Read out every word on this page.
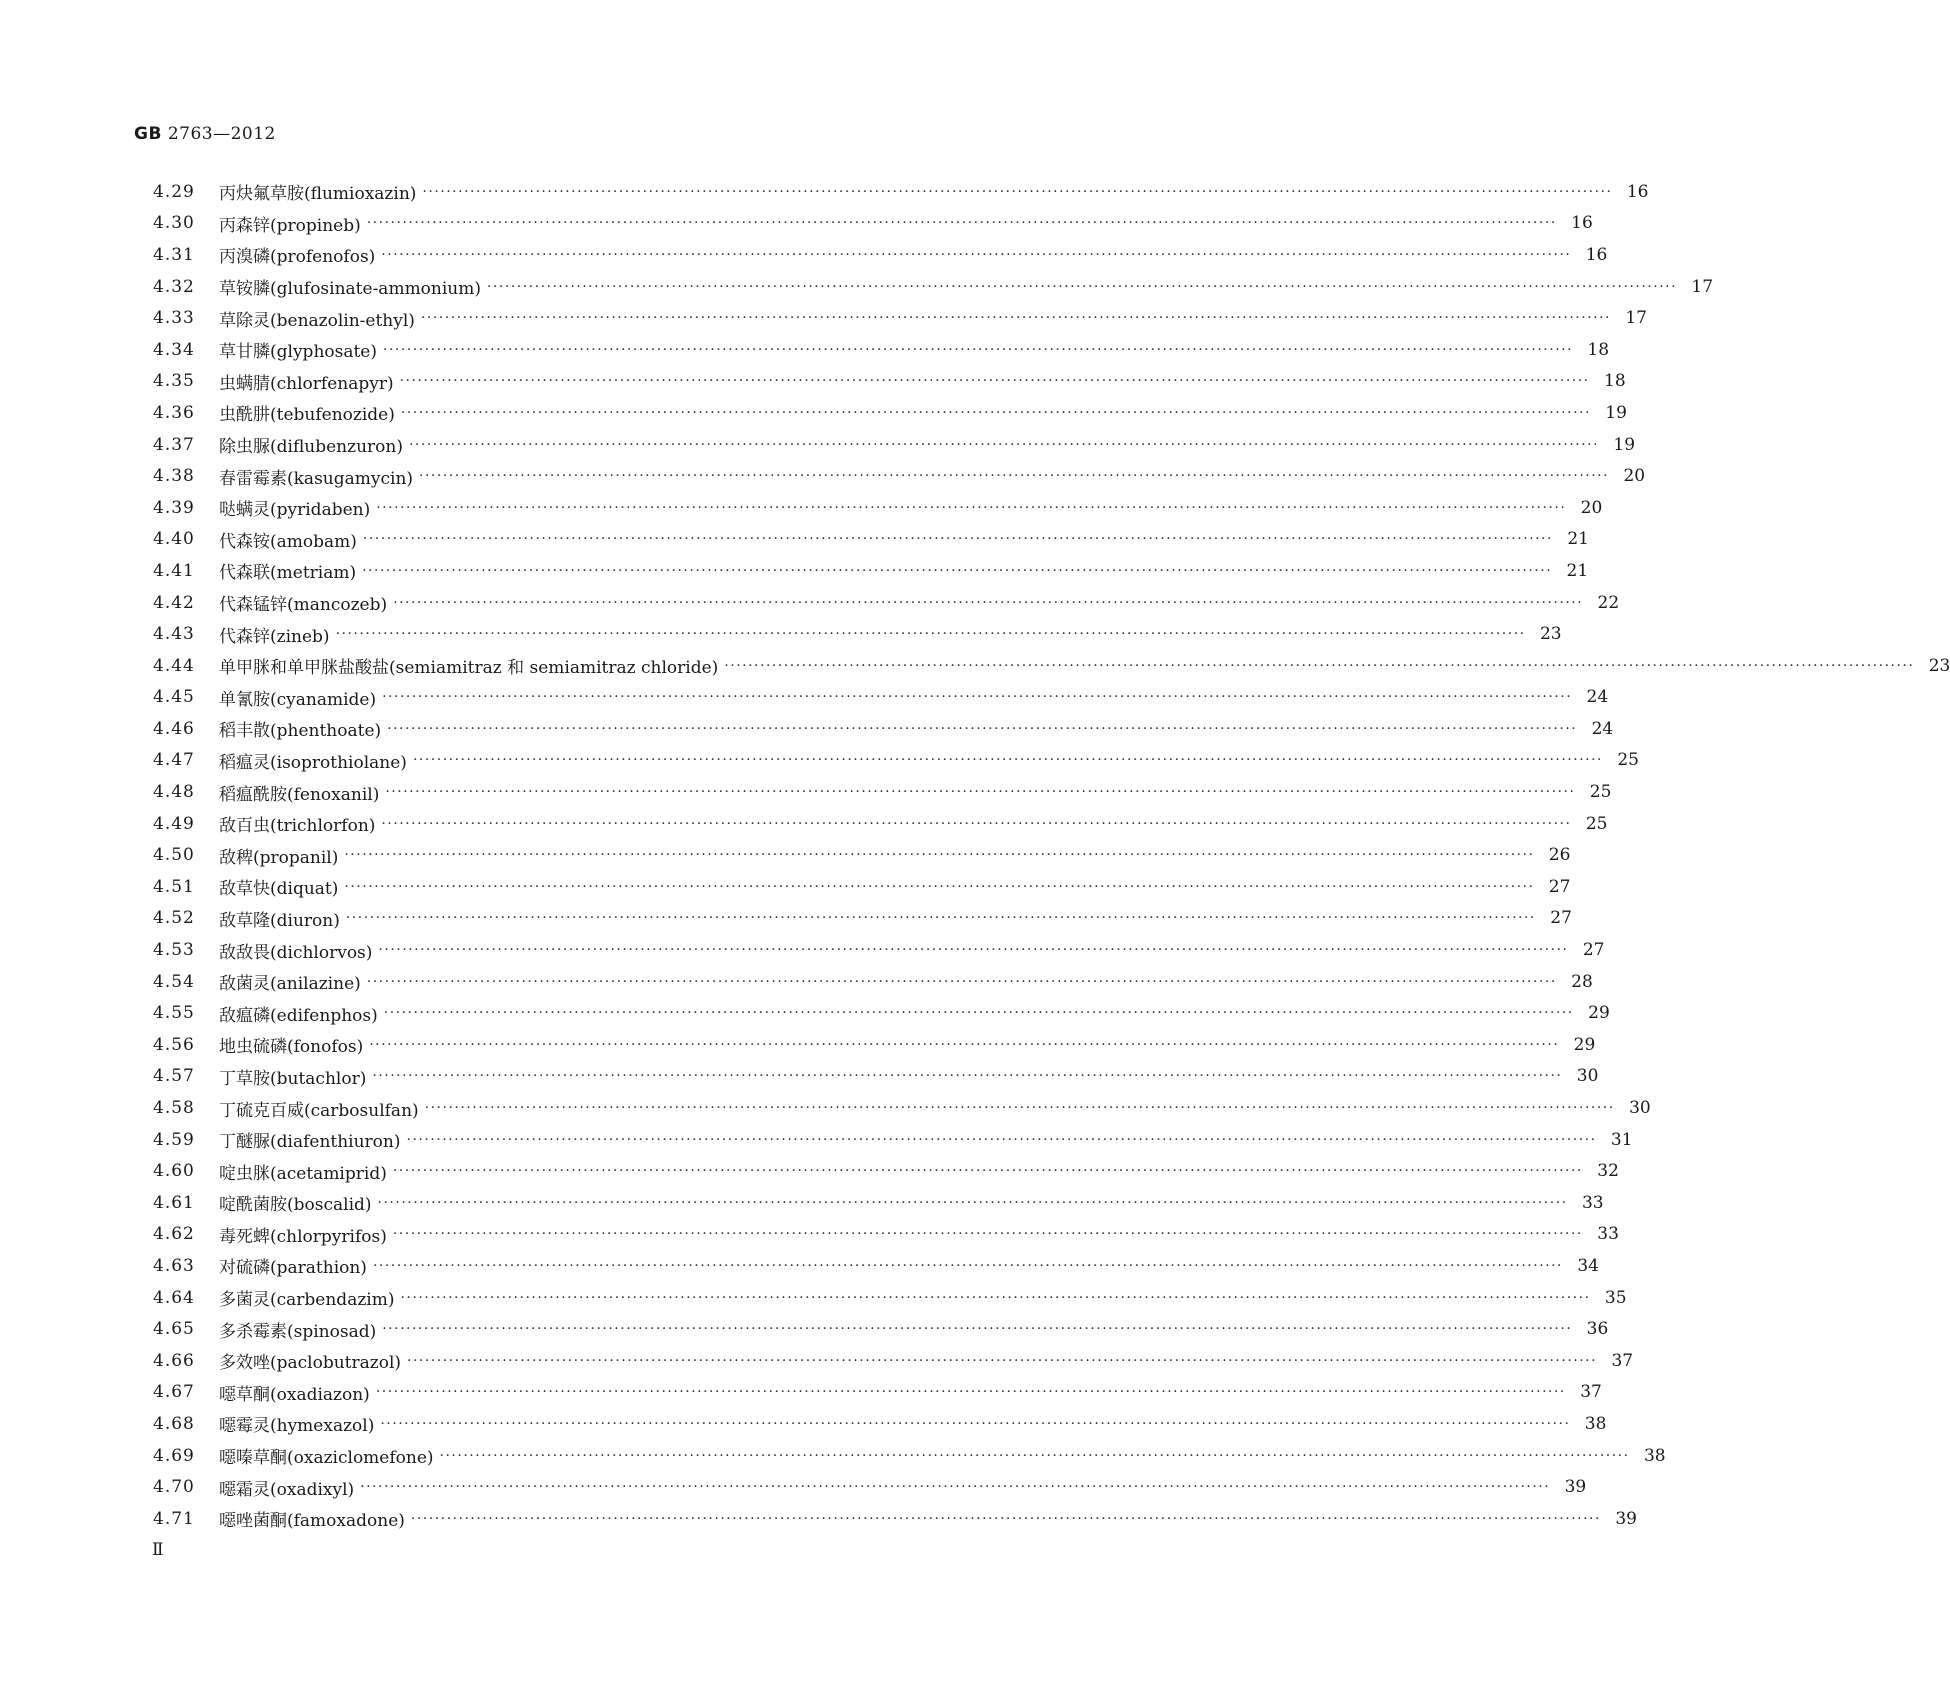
GB 2763—2012
4.29	丙炔氟草胺(flumioxazin) ········································································································································································································ 16
4.30	丙森锌(propineb) ········································································································································································································ 16
4.31	丙溴磷(profenofos) ········································································································································································································ 16
4.32	草铵膦(glufosinate-ammonium) ········································································································································································································ 17
4.33	草除灵(benazolin-ethyl) ········································································································································································································ 17
4.34	草甘膦(glyphosate) ········································································································································································································ 18
4.35	虫螨腈(chlorfenapyr) ········································································································································································································ 18
4.36	虫酰肼(tebufenozide) ········································································································································································································ 19
4.37	除虫脲(diflubenzuron) ········································································································································································································ 19
4.38	春雷霉素(kasugamycin) ········································································································································································································ 20
4.39	哒螨灵(pyridaben) ········································································································································································································ 20
4.40	代森铵(amobam) ········································································································································································································ 21
4.41	代森联(metriam) ········································································································································································································ 21
4.42	代森锰锌(mancozeb) ········································································································································································································ 22
4.43	代森锌(zineb) ········································································································································································································ 23
4.44	单甲脒和单甲脒盐酸盐(semiamitraz 和 semiamitraz chloride) ········································································································································································································ 23
4.45	单氰胺(cyanamide) ········································································································································································································ 24
4.46	稻丰散(phenthoate) ········································································································································································································ 24
4.47	稻瘟灵(isoprothiolane) ········································································································································································································ 25
4.48	稻瘟酰胺(fenoxanil) ········································································································································································································ 25
4.49	敌百虫(trichlorfon) ········································································································································································································ 25
4.50	敌稗(propanil) ········································································································································································································ 26
4.51	敌草快(diquat) ········································································································································································································ 27
4.52	敌草隆(diuron) ········································································································································································································ 27
4.53	敌敌畏(dichlorvos) ········································································································································································································ 27
4.54	敌菌灵(anilazine) ········································································································································································································ 28
4.55	敌瘟磷(edifenphos) ········································································································································································································ 29
4.56	地虫硫磷(fonofos) ········································································································································································································ 29
4.57	丁草胺(butachlor) ········································································································································································································ 30
4.58	丁硫克百威(carbosulfan) ········································································································································································································ 30
4.59	丁醚脲(diafenthiuron) ········································································································································································································ 31
4.60	啶虫脒(acetamiprid) ········································································································································································································ 32
4.61	啶酰菌胺(boscalid) ········································································································································································································ 33
4.62	毒死蜱(chlorpyrifos) ········································································································································································································ 33
4.63	对硫磷(parathion) ········································································································································································································ 34
4.64	多菌灵(carbendazim) ········································································································································································································ 35
4.65	多杀霉素(spinosad) ········································································································································································································ 36
4.66	多效唑(paclobutrazol) ········································································································································································································ 37
4.67	噁草酮(oxadiazon) ········································································································································································································ 37
4.68	噁霉灵(hymexazol) ········································································································································································································ 38
4.69	噁嗪草酮(oxaziclomefone) ········································································································································································································ 38
4.70	噁霜灵(oxadixyl) ········································································································································································································ 39
4.71	噁唑菌酮(famoxadone) ········································································································································································································ 39
Ⅱ
